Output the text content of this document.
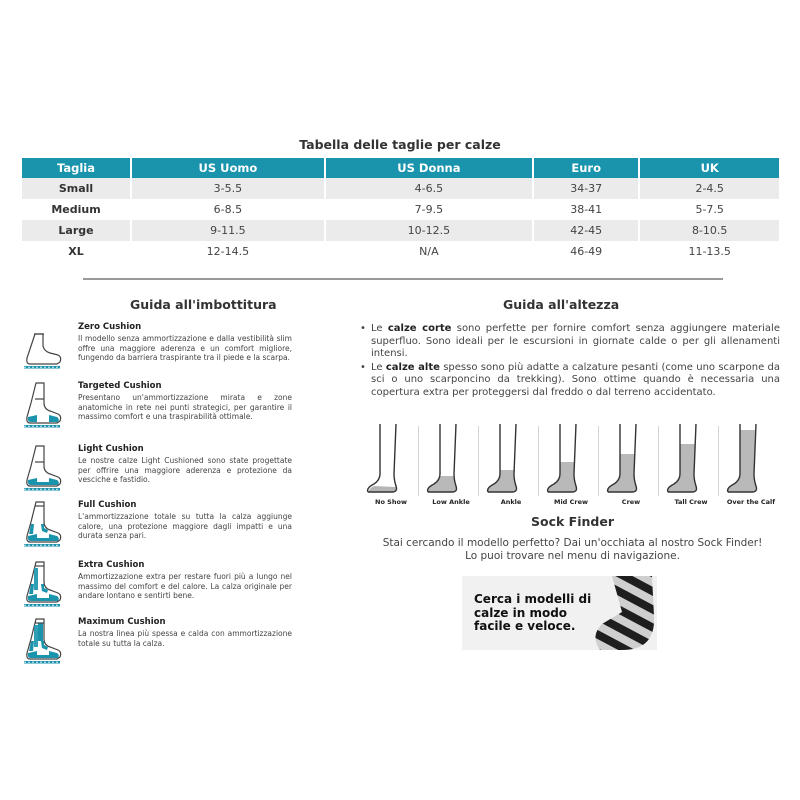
Tabella delle taglie per calze
Taglia	US Uomo	US Donna	Euro	UK
Small	3-5.5	4-6.5	34-37	2-4.5
Medium	6-8.5	7-9.5	38-41	5-7.5
Large	9-11.5	10-12.5	42-45	8-10.5
XL	12-14.5	N/A	46-49	11-13.5
Guida all'imbottitura
Zero Cushion
Il modello senza ammortizzazione e dalla vestibilità slim offre una maggiore aderenza e un comfort migliore, fungendo da barriera traspirante tra il piede e la scarpa.
Targeted Cushion
Presentano un'ammortizzazione mirata e zone anatomiche in rete nei punti strategici, per garantire il massimo comfort e una traspirabilità ottimale.
Light Cushion
Le nostre calze Light Cushioned sono state progettate per offrire una maggiore aderenza e protezione da vesciche e fastidio.
Full Cushion
L'ammortizzazione totale su tutta la calza aggiunge calore, una protezione maggiore dagli impatti e una durata senza pari.
Extra Cushion
Ammortizzazione extra per restare fuori più a lungo nel massimo del comfort e del calore. La calza originale per andare lontano e sentirti bene.
Maximum Cushion
La nostra linea più spessa e calda con ammortizzazione totale su tutta la calza.
Guida all'altezza
• Le calze corte sono perfette per fornire comfort senza aggiungere materiale superfluo. Sono ideali per le escursioni in giornate calde o per gli allenamenti intensi.
• Le calze alte spesso sono più adatte a calzature pesanti (come uno scarpone da sci o uno scarponcino da trekking). Sono ottime quando è necessaria una copertura extra per proteggersi dal freddo o dal terreno accidentato.
No Show	Low Ankle	Ankle	Mid Crew	Crew	Tall Crew	Over the Calf
Sock Finder
Stai cercando il modello perfetto? Dai un'occhiata al nostro Sock Finder!
Lo puoi trovare nel menu di navigazione.
Cerca i modelli di calze in modo facile e veloce.
